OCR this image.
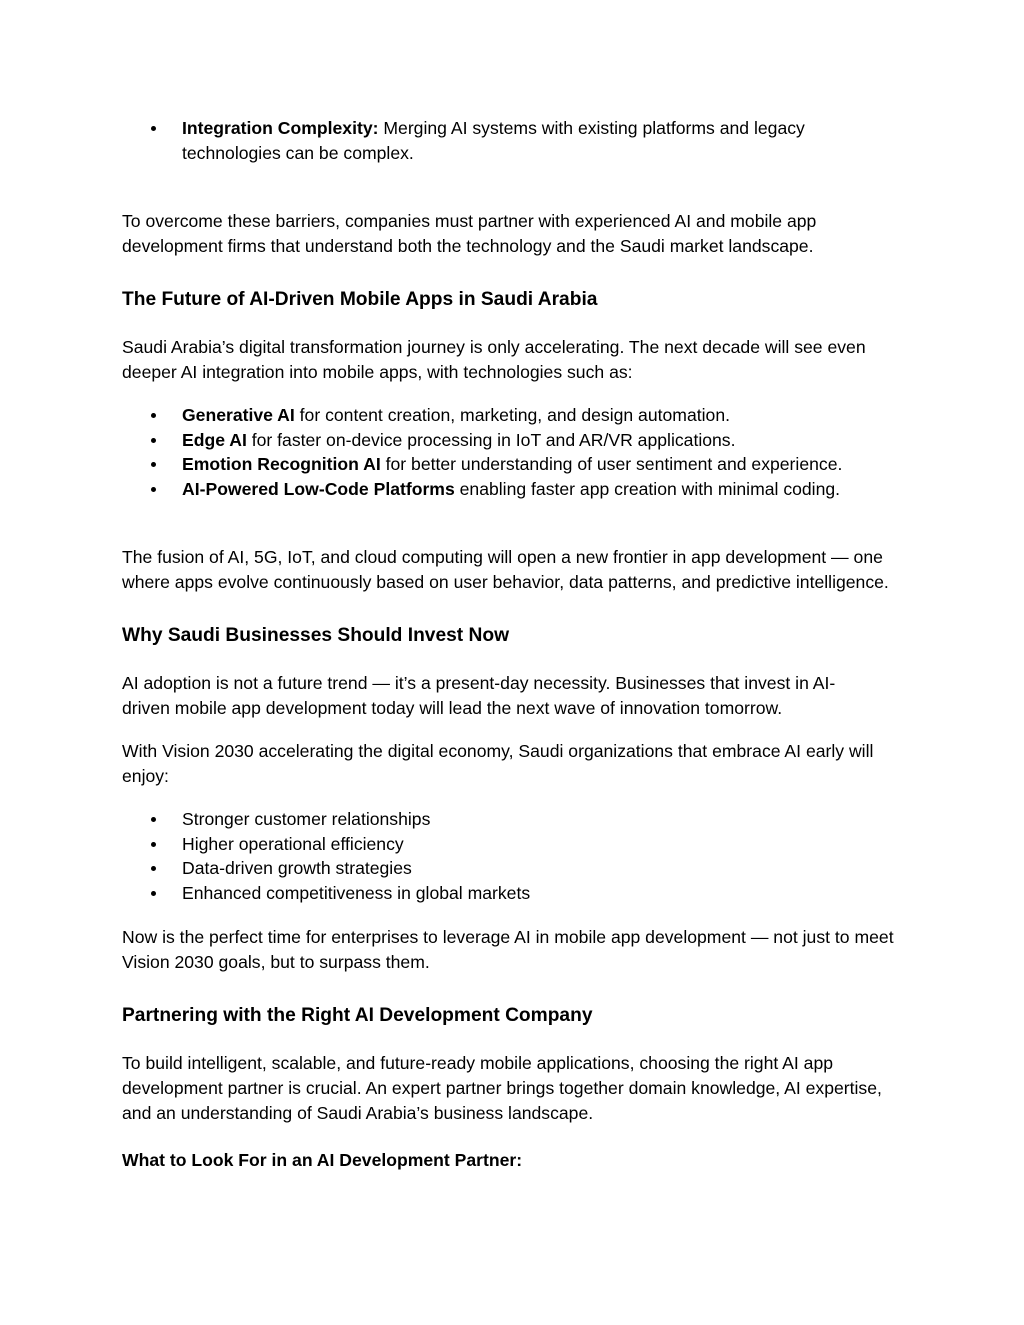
Integration Complexity: Merging AI systems with existing platforms and legacy technologies can be complex.

To overcome these barriers, companies must partner with experienced AI and mobile app development firms that understand both the technology and the Saudi market landscape.

The Future of AI-Driven Mobile Apps in Saudi Arabia

Saudi Arabia’s digital transformation journey is only accelerating. The next decade will see even deeper AI integration into mobile apps, with technologies such as:

Generative AI for content creation, marketing, and design automation.
Edge AI for faster on-device processing in IoT and AR/VR applications.
Emotion Recognition AI for better understanding of user sentiment and experience.
AI-Powered Low-Code Platforms enabling faster app creation with minimal coding.

The fusion of AI, 5G, IoT, and cloud computing will open a new frontier in app development — one where apps evolve continuously based on user behavior, data patterns, and predictive intelligence.

Why Saudi Businesses Should Invest Now

AI adoption is not a future trend — it’s a present-day necessity. Businesses that invest in AI-driven mobile app development today will lead the next wave of innovation tomorrow.

With Vision 2030 accelerating the digital economy, Saudi organizations that embrace AI early will enjoy:

Stronger customer relationships
Higher operational efficiency
Data-driven growth strategies
Enhanced competitiveness in global markets

Now is the perfect time for enterprises to leverage AI in mobile app development — not just to meet Vision 2030 goals, but to surpass them.

Partnering with the Right AI Development Company

To build intelligent, scalable, and future-ready mobile applications, choosing the right AI app development partner is crucial. An expert partner brings together domain knowledge, AI expertise, and an understanding of Saudi Arabia’s business landscape.

What to Look For in an AI Development Partner:
